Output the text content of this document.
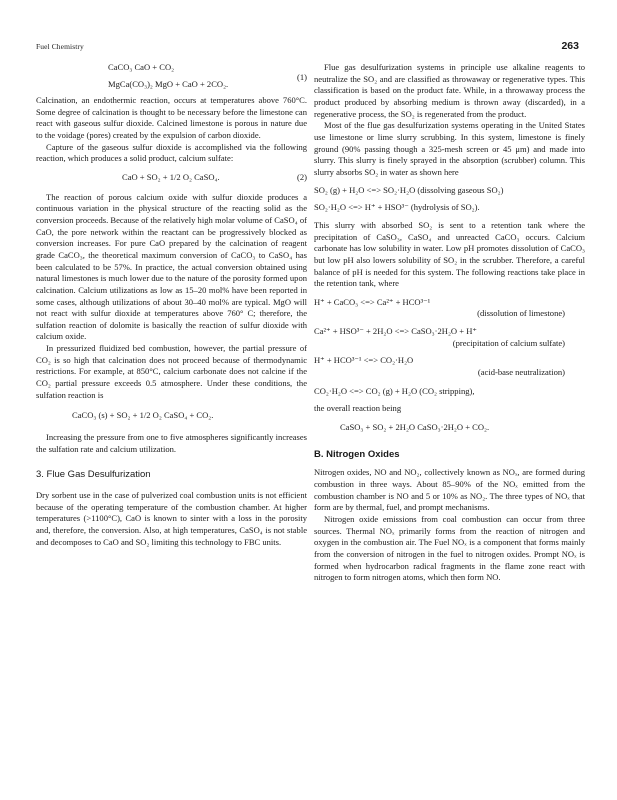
Fuel Chemistry	263
CaCO₃ CaO + CO₂
MgCa(CO₃)₂ MgO + CaO + 2CO₂.
(1)

Calcination, an endothermic reaction, occurs at temperatures above 760°C. Some degree of calcination is thought to be necessary before the limestone can react with gaseous sulfur dioxide. Calcined limestone is porous in nature due to the voidage (pores) created by the expulsion of carbon dioxide.

Capture of the gaseous sulfur dioxide is accomplished via the following reaction, which produces a solid product, calcium sulfate:

CaO + SO₂ + 1/2 O₂ CaSO₄.	(2)

The reaction of porous calcium oxide with sulfur dioxide produces a continuous variation in the physical structure of the reacting solid as the conversion proceeds. Because of the relatively high molar volume of CaSO₄ of CaO, the pore network within the reactant can be progressively blocked as conversion increases. For pure CaO prepared by the calcination of reagent grade CaCO₃, the theoretical maximum conversion of CaCO₃ to CaSO₄ has been calculated to be 57%. In practice, the actual conversion obtained using natural limestones is much lower due to the nature of the porosity formed upon calcination. Calcium utilizations as low as 15–20 mol% have been reported in some cases, although utilizations of about 30–40 mol% are typical. MgO will not react with sulfur dioxide at temperatures above 760° C; therefore, the sulfation reaction of dolomite is basically the reaction of sulfur dioxide with calcium oxide.

In pressurized fluidized bed combustion, however, the partial pressure of CO₂ is so high that calcination does not proceed because of thermodynamic restrictions. For example, at 850°C, calcium carbonate does not calcine if the CO₂ partial pressure exceeds 0.5 atmosphere. Under these conditions, the sulfation reaction is

CaCO₃ (s) + SO₂ + 1/2 O₂ CaSO₄ + CO₂.

Increasing the pressure from one to five atmospheres significantly increases the sulfation rate and calcium utilization.

3. Flue Gas Desulfurization

Dry sorbent use in the case of pulverized coal combustion units is not efficient because of the operating temperature of the combustion chamber. At higher temperatures (>1100°C), CaO is known to sinter with a loss in the porosity and, therefore, the conversion. Also, at high temperatures, CaSO₄ is not stable and decomposes to CaO and SO₂ limiting this technology to FBC units.

Flue gas desulfurization systems in principle use alkaline reagents to neutralize the SO₂ and are classified as throwaway or regenerative types. This classification is based on the product fate. While, in a throwaway process the product produced by absorbing medium is thrown away (discarded), in a regenerative process, the SO₂ is regenerated from the product.

Most of the flue gas desulfurization systems operating in the United States use limestone or lime slurry scrubbing. In this system, limestone is finely ground (90% passing though a 325-mesh screen or 45 μm) and made into slurry. This slurry is finely sprayed in the absorption (scrubber) column. This slurry absorbs SO₂ in water as shown here

SO₂ (g) + H₂O <=> SO₂·H₂O (dissolving gaseous SO₂)
SO₂·H₂O <=> H⁺ + HSO³⁻ (hydrolysis of SO₂).

This slurry with absorbed SO₂ is sent to a retention tank where the precipitation of CaSO₃, CaSO₄ and unreacted CaCO₃ occurs. Calcium carbonate has low solubility in water. Low pH promotes dissolution of CaCO₃ but low pH also lowers solubility of SO₂ in the scrubber. Therefore, a careful balance of pH is needed for this system. The following reactions take place in the retention tank, where

H⁺ + CaCO₃ <=> Ca²⁺ + HCO³⁻¹
(dissolution of limestone)
Ca²⁺ + HSO³⁻ + 2H₂O <=> CaSO₃·2H₂O + H⁺
(precipitation of calcium sulfate)
H⁺ + HCO³⁻¹ <=> CO₂·H₂O
(acid-base neutralization)
CO₂·H₂O <=> CO₂ (g) + H₂O (CO₂ stripping),

the overall reaction being

CaSO₃ + SO₂ + 2H₂O CaSO₃·2H₂O + CO₂.

B. Nitrogen Oxides

Nitrogen oxides, NO and NO₂, collectively known as NOₓ, are formed during combustion in three ways. About 85–90% of the NOₓ emitted from the combustion chamber is NO and 5 or 10% as NO₂. The three types of NOₓ that form are by thermal, fuel, and prompt mechanisms.

Nitrogen oxide emissions from coal combustion can occur from three sources. Thermal NOₓ primarily forms from the reaction of nitrogen and oxygen in the combustion air. The Fuel NOₓ is a component that forms mainly from the conversion of nitrogen in the fuel to nitrogen oxides. Prompt NOₓ is formed when hydrocarbon radical fragments in the flame zone react with nitrogen to form nitrogen atoms, which then form NO.
